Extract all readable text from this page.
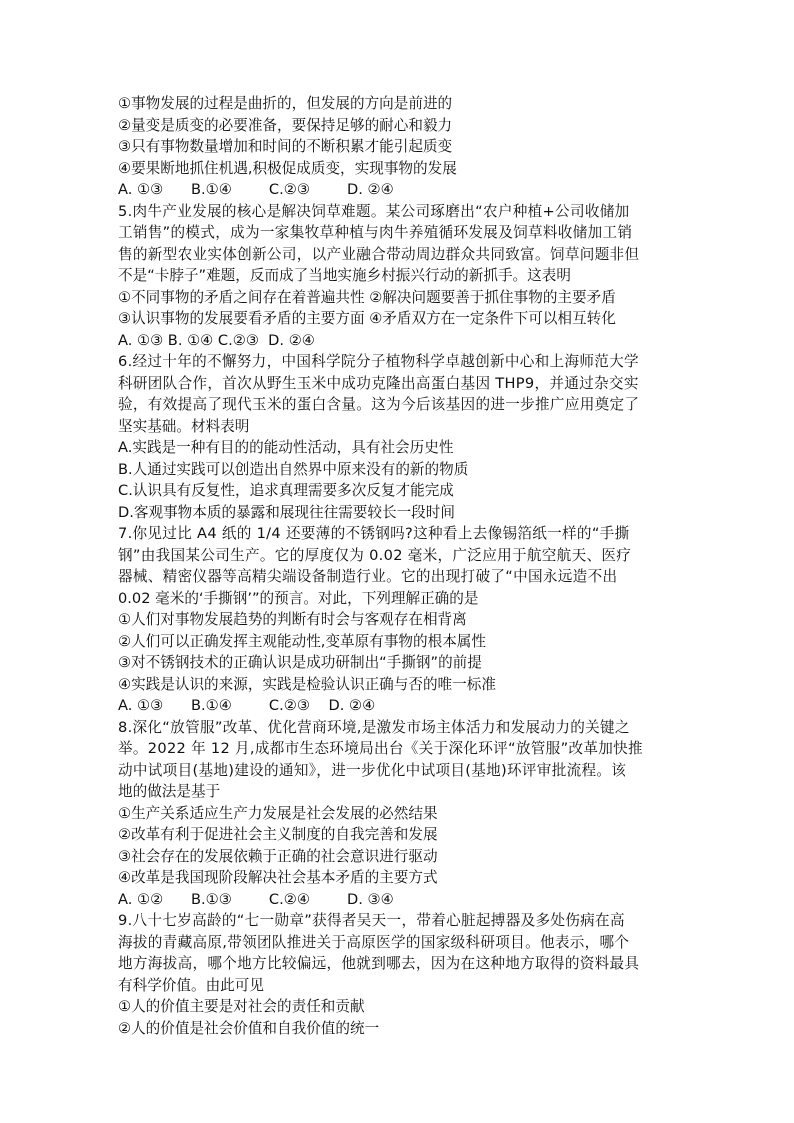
①事物发展的过程是曲折的，但发展的方向是前进的
②量变是质变的必要准备，要保持足够的耐心和毅力
③只有事物数量增加和时间的不断积累才能引起质变
④要果断地抓住机遇,积极促成质变，实现事物的发展
A. ①③      B.①④        C.②③        D. ②④
5.肉牛产业发展的核心是解决饲草难题。某公司琢磨出“农户种植+公司收储加
工销售”的模式，成为一家集牧草种植与肉牛养殖循环发展及饲草料收储加工销
售的新型农业实体创新公司，以产业融合带动周边群众共同致富。饲草问题非但
不是“卡脖子”难题，反而成了当地实施乡村振兴行动的新抓手。这表明
①不同事物的矛盾之间存在着普遍共性 ②解决问题要善于抓住事物的主要矛盾
③认识事物的发展要看矛盾的主要方面 ④矛盾双方在一定条件下可以相互转化
A. ①③ B. ①④ C.②③  D. ②④
6.经过十年的不懈努力，中国科学院分子植物科学卓越创新中心和上海师范大学
科研团队合作，首次从野生玉米中成功克隆出高蛋白基因 THP9，并通过杂交实
验，有效提高了现代玉米的蛋白含量。这为今后该基因的进一步推广应用奠定了
坚实基础。材料表明
A.实践是一种有目的的能动性活动，具有社会历史性
B.人通过实践可以创造出自然界中原来没有的新的物质
C.认识具有反复性，追求真理需要多次反复才能完成
D.客观事物本质的暴露和展现往往需要较长一段时间
7.你见过比 A4 纸的 1/4 还要薄的不锈钢吗?这种看上去像锡箔纸一样的“手撕
钢”由我国某公司生产。它的厚度仅为 0.02 毫米，广泛应用于航空航天、医疗
器械、精密仪器等高精尖端设备制造行业。它的出现打破了“中国永远造不出
0.02 毫米的‘手撕钢’”的预言。对此，下列理解正确的是
①人们对事物发展趋势的判断有时会与客观存在相背离
②人们可以正确发挥主观能动性,变革原有事物的根本属性
③对不锈钢技术的正确认识是成功研制出“手撕钢”的前提
④实践是认识的来源，实践是检验认识正确与否的唯一标准
A. ①③      B.①④        C.②③    D. ②④
8.深化“放管服”改革、优化营商环境,是激发市场主体活力和发展动力的关键之
举。2022 年 12 月,成都市生态环境局出台《关于深化环评“放管服”改革加快推
动中试项目(基地)建设的通知》，进一步优化中试项目(基地)环评审批流程。该
地的做法是基于
①生产关系适应生产力发展是社会发展的必然结果
②改革有利于促进社会主义制度的自我完善和发展
③社会存在的发展依赖于正确的社会意识进行驱动
④改革是我国现阶段解决社会基本矛盾的主要方式
A. ①②      B.①③        C.②④        D. ③④
9.八十七岁高龄的“七一勋章”获得者吴天一，带着心脏起搏器及多处伤病在高
海拔的青藏高原,带领团队推进关于高原医学的国家级科研项目。他表示，哪个
地方海拔高，哪个地方比较偏远，他就到哪去，因为在这种地方取得的资料最具
有科学价值。由此可见
①人的价值主要是对社会的责任和贡献
②人的价值是社会价值和自我价值的统一
